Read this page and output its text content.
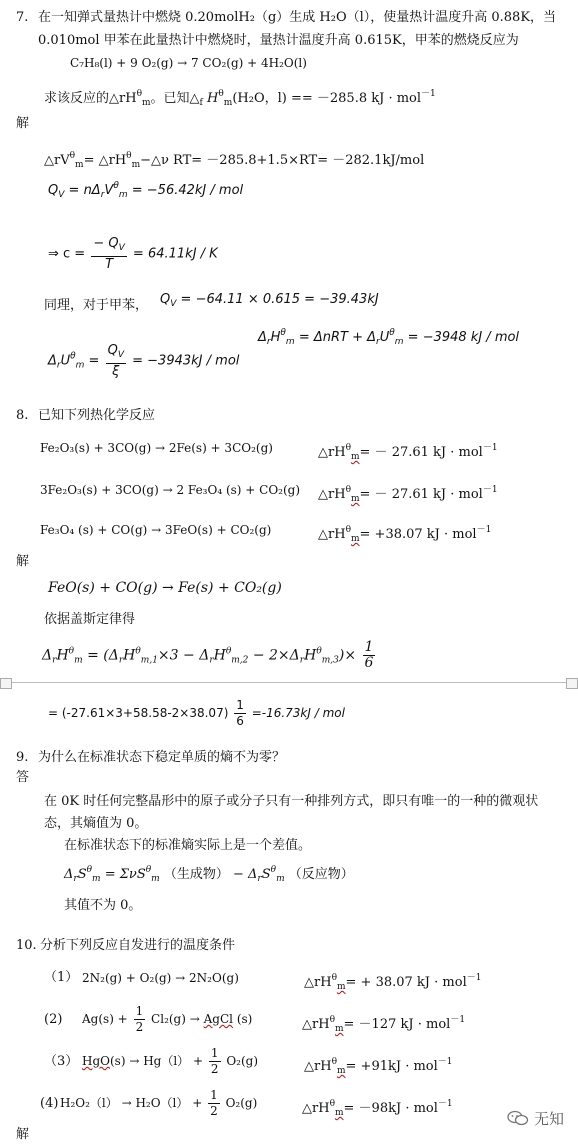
7. 在一知弹式量热计中燃烧 0.20molH₂（g）生成 H₂O（l），使量热计温度升高 0.88K，当
0.010mol 甲苯在此量热计中燃烧时，量热计温度升高 0.615K，甲苯的燃烧反应为
C₇H₈(l) + 9 O₂(g) → 7 CO₂(g) + 4H₂O(l)
求该反应的$\triangle rH^\theta_m$。已知$\triangle_f$ $H^\theta_m(H_2O$，l) == －285.8 kJ · mol$^{-1}$
解
$\triangle rV^\theta_m=$ $\triangle rH^\theta_m-\triangle\nu$ RT= －285.8+1.5×RT= －282.1kJ/mol
$Q_V = n\Delta_rV^\theta_m = -56.42kJ$ / mol
⇒ $c = \frac{- Q_V}{T} = 64.11kJ / K$
同理，对于甲苯， $Q_V = -64.11 \times 0.615 = -39.43kJ$
$\Delta_rH^\theta_m = \Delta nRT + \Delta_rU^\theta_m = -3948$ kJ / mol
$\Delta_rU^\theta_m = \frac{Q_V}{\xi} = -3943kJ$ / mol
8. 已知下列热化学反应
Fe₂O₃(s) + 3CO(g) → 2Fe(s) + 3CO₂(g)	$\triangle rH^\theta_m= - 27.61$ kJ · mol$^{-1}$
3Fe₂O₃(s) + 3CO(g) → 2 Fe₃O₄ (s) + CO₂(g) $\triangle rH^\theta_m= - 27.61$ kJ · mol$^{-1}$
Fe₃O₄ (s) + CO(g) → 3FeO(s) + CO₂(g)	$\triangle rH^\theta_m= +38.07$ kJ · mol$^{-1}$
解
FeO(s) + CO(g) → Fe(s) + CO₂(g)
依据盖斯定律得
$\Delta_rH^\theta_m = (\Delta_rH^\theta_{m,1}\times 3 - \Delta_rH^\theta_{m,2} - 2\times\Delta_rH^\theta_{m,3})\times \frac{1}{6}$
= $(-27.61\times 3+58.58-2\times 38.07) \frac{1}{6} =-16.73kJ$ / mol
9. 为什么在标准状态下稳定单质的熵不为零？
答
在 0K 时任何完整晶形中的原子或分子只有一种排列方式，即只有唯一的一种的微观状
态，其熵值为 0。
在标准状态下的标准熵实际上是一个差值。
$\Delta_rS^\theta_m = \Sigma\nu S^\theta_m$ （生成物） − $\Delta_rS^\theta_m$ （反应物）
其值不为 0。
10. 分析下列反应自发进行的温度条件
（1） 2N₂(g) + O₂(g) → 2N₂O(g)	$\triangle rH^\theta_m= + 38.07$ kJ · mol$^{-1}$
(2) $Ag(s) + \frac{1}{2} Cl_2(g)$ → AgCl (s)	$\triangle rH^\theta_m= -127$ kJ · mol$^{-1}$
（3） $HgO(s) \to Hg(l) + \frac{1}{2} O_2(g)$	$\triangle rH^\theta_m= +91kJ \cdot mol^{-1}$
(4) $H_2O_2(l) \to H_2O(l) + \frac{1}{2} O_2(g)$	$\triangle rH^\theta_m= -98kJ \cdot mol^{-1}$
解
无知
